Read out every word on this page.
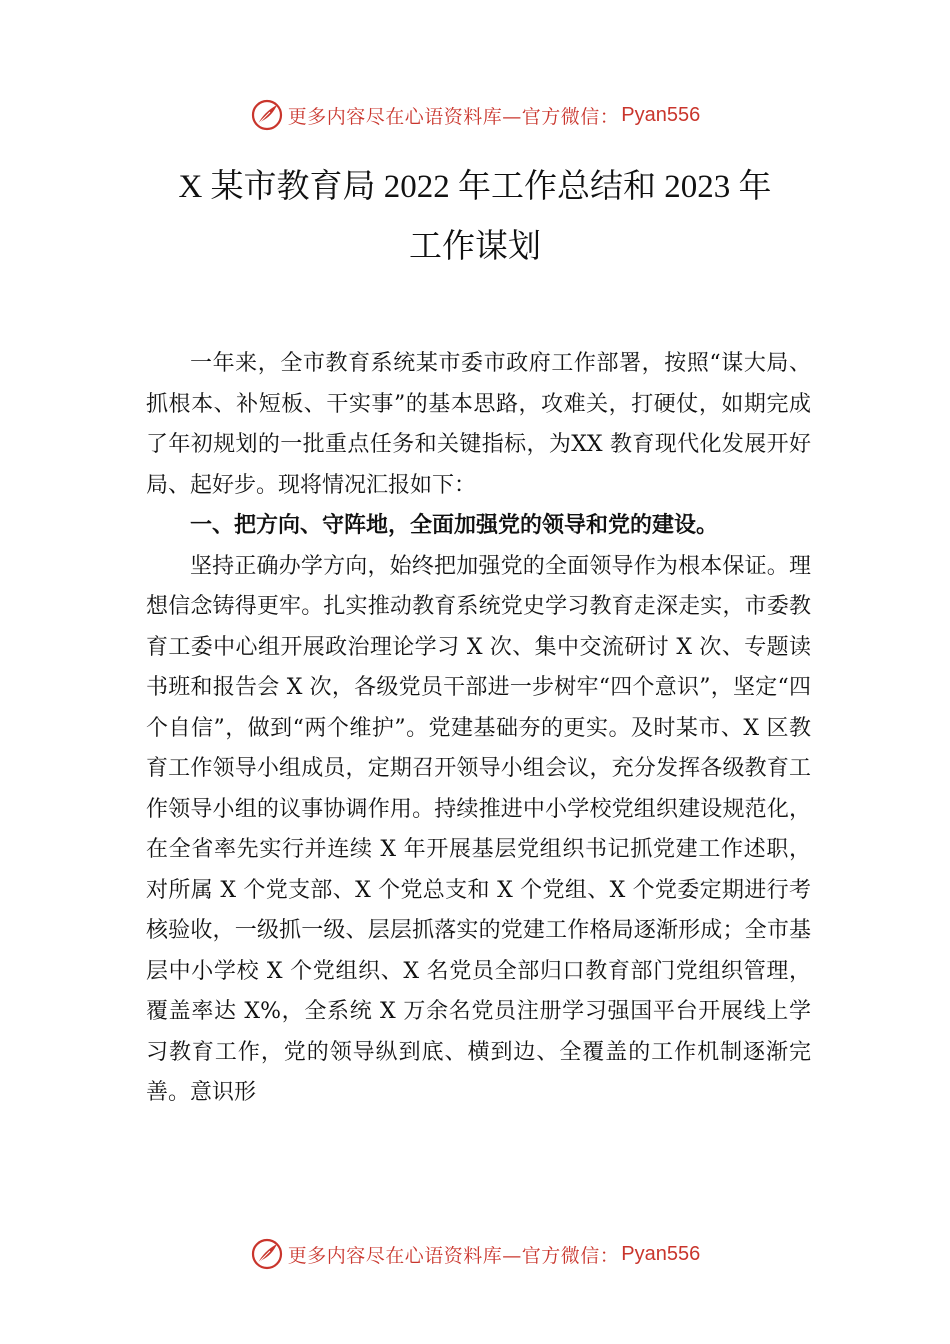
更多内容尽在心语资料库—官方微信： Pyan556
X 某市教育局 2022 年工作总结和 2023 年
工作谋划

一年来，全市教育系统某市委市政府工作部署，按照“谋大局、抓根本、补短板、干实事”的基本思路，攻难关，打硬仗，如期完成了年初规划的一批重点任务和关键指标，为XX 教育现代化发展开好局、起好步。现将情况汇报如下：

一、把方向、守阵地，全面加强党的领导和党的建设。

坚持正确办学方向，始终把加强党的全面领导作为根本保证。理想信念铸得更牢。扎实推动教育系统党史学习教育走深走实，市委教育工委中心组开展政治理论学习 X 次、集中交流研讨 X 次、专题读书班和报告会 X 次，各级党员干部进一步树牢“四个意识”，坚定“四个自信”，做到“两个维护”。党建基础夯的更实。及时某市、X 区教育工作领导小组成员，定期召开领导小组会议，充分发挥各级教育工作领导小组的议事协调作用。持续推进中小学校党组织建设规范化，在全省率先实行并连续 X 年开展基层党组织书记抓党建工作述职，对所属 X 个党支部、X 个党总支和 X 个党组、X 个党委定期进行考核验收，一级抓一级、层层抓落实的党建工作格局逐渐形成；全市基层中小学校 X 个党组织、X 名党员全部归口教育部门党组织管理，覆盖率达 X%，全系统 X 万余名党员注册学习强国平台开展线上学习教育工作，党的领导纵到底、横到边、全覆盖的工作机制逐渐完善。意识形

更多内容尽在心语资料库—官方微信： Pyan556
